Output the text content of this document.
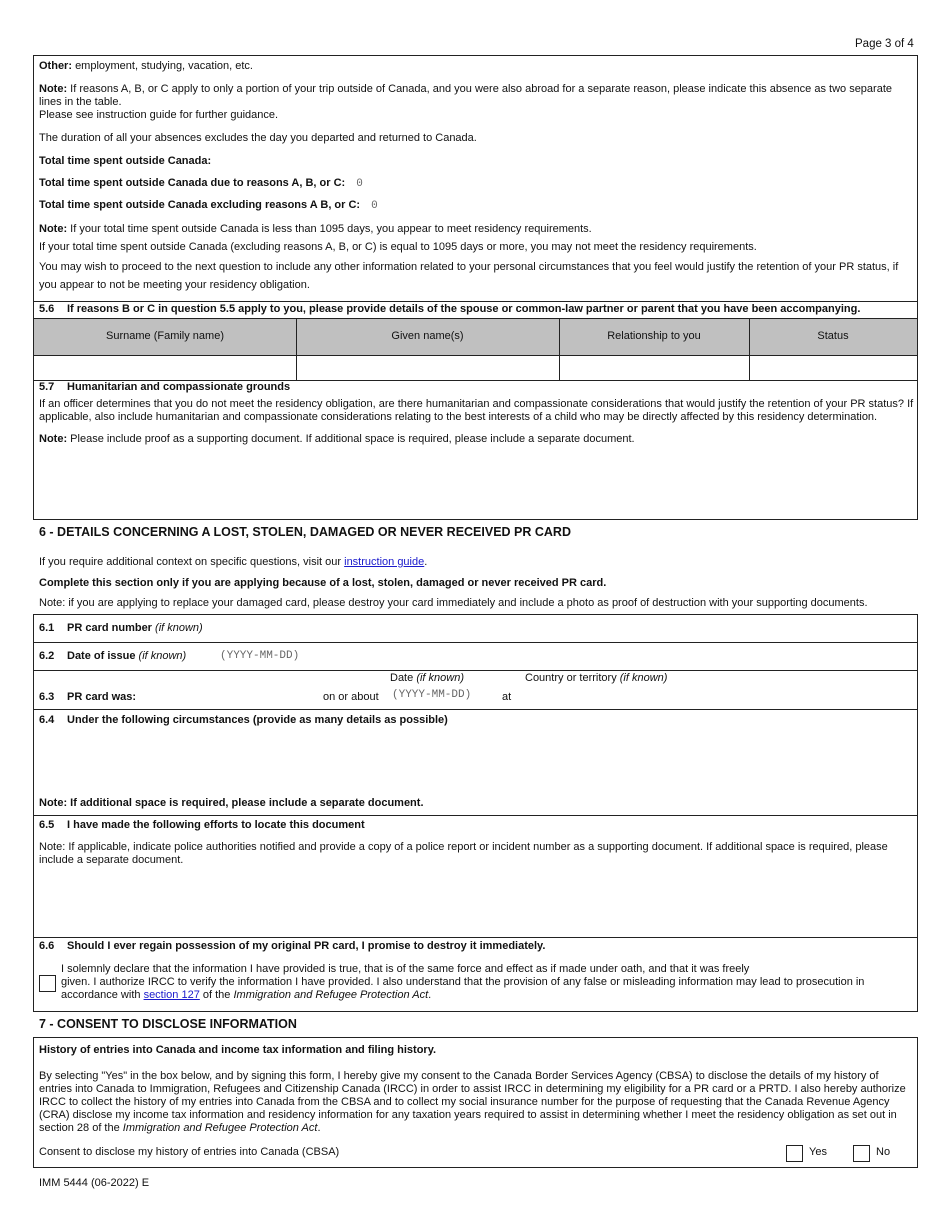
Page 3 of 4
Other: employment, studying, vacation, etc.
Note: If reasons A, B, or C apply to only a portion of your trip outside of Canada, and you were also abroad for a separate reason, please indicate this absence as two separate lines in the table.
Please see instruction guide for further guidance.
The duration of all your absences excludes the day you departed and returned to Canada.
Total time spent outside Canada:
Total time spent outside Canada due to reasons A, B, or C: 0
Total time spent outside Canada excluding reasons A B, or C: 0
Note: If your total time spent outside Canada is less than 1095 days, you appear to meet residency requirements.
If your total time spent outside Canada (excluding reasons A, B, or C) is equal to 1095 days or more, you may not meet the residency requirements.
You may wish to proceed to the next question to include any other information related to your personal circumstances that you feel would justify the retention of your PR status, if you appear to not be meeting your residency obligation.
5.6 If reasons B or C in question 5.5 apply to you, please provide details of the spouse or common-law partner or parent that you have been accompanying.
Surname (Family name)	Given name(s)	Relationship to you	Status
5.7 Humanitarian and compassionate grounds
If an officer determines that you do not meet the residency obligation, are there humanitarian and compassionate considerations that would justify the retention of your PR status? If applicable, also include humanitarian and compassionate considerations relating to the best interests of a child who may be directly affected by this residency determination.
Note: Please include proof as a supporting document. If additional space is required, please include a separate document.
6 - DETAILS CONCERNING A LOST, STOLEN, DAMAGED OR NEVER RECEIVED PR CARD
If you require additional context on specific questions, visit our instruction guide.
Complete this section only if you are applying because of a lost, stolen, damaged or never received PR card.
Note: if you are applying to replace your damaged card, please destroy your card immediately and include a photo as proof of destruction with your supporting documents.
6.1 PR card number (if known)
6.2 Date of issue (if known)	(YYYY-MM-DD)
Date (if known)	Country or territory (if known)
6.3 PR card was:	on or about (YYYY-MM-DD)	at
6.4 Under the following circumstances (provide as many details as possible)
Note: If additional space is required, please include a separate document.
6.5 I have made the following efforts to locate this document
Note: If applicable, indicate police authorities notified and provide a copy of a police report or incident number as a supporting document. If additional space is required, please include a separate document.
6.6 Should I ever regain possession of my original PR card, I promise to destroy it immediately.
I solemnly declare that the information I have provided is true, that is of the same force and effect as if made under oath, and that it was freely
given. I authorize IRCC to verify the information I have provided. I also understand that the provision of any false or misleading information may lead to prosecution in
accordance with section 127 of the Immigration and Refugee Protection Act.
7 - CONSENT TO DISCLOSE INFORMATION
History of entries into Canada and income tax information and filing history.
By selecting "Yes" in the box below, and by signing this form, I hereby give my consent to the Canada Border Services Agency (CBSA) to disclose the details of my history of entries into Canada to Immigration, Refugees and Citizenship Canada (IRCC) in order to assist IRCC in determining my eligibility for a PR card or a PRTD. I also hereby authorize IRCC to collect the history of my entries into Canada from the CBSA and to collect my social insurance number for the purpose of requesting that the Canada Revenue Agency (CRA) disclose my income tax information and residency information for any taxation years required to assist in determining whether I meet the residency obligation as set out in section 28 of the Immigration and Refugee Protection Act.
Consent to disclose my history of entries into Canada (CBSA)	Yes	No
IMM 5444 (06-2022) E
